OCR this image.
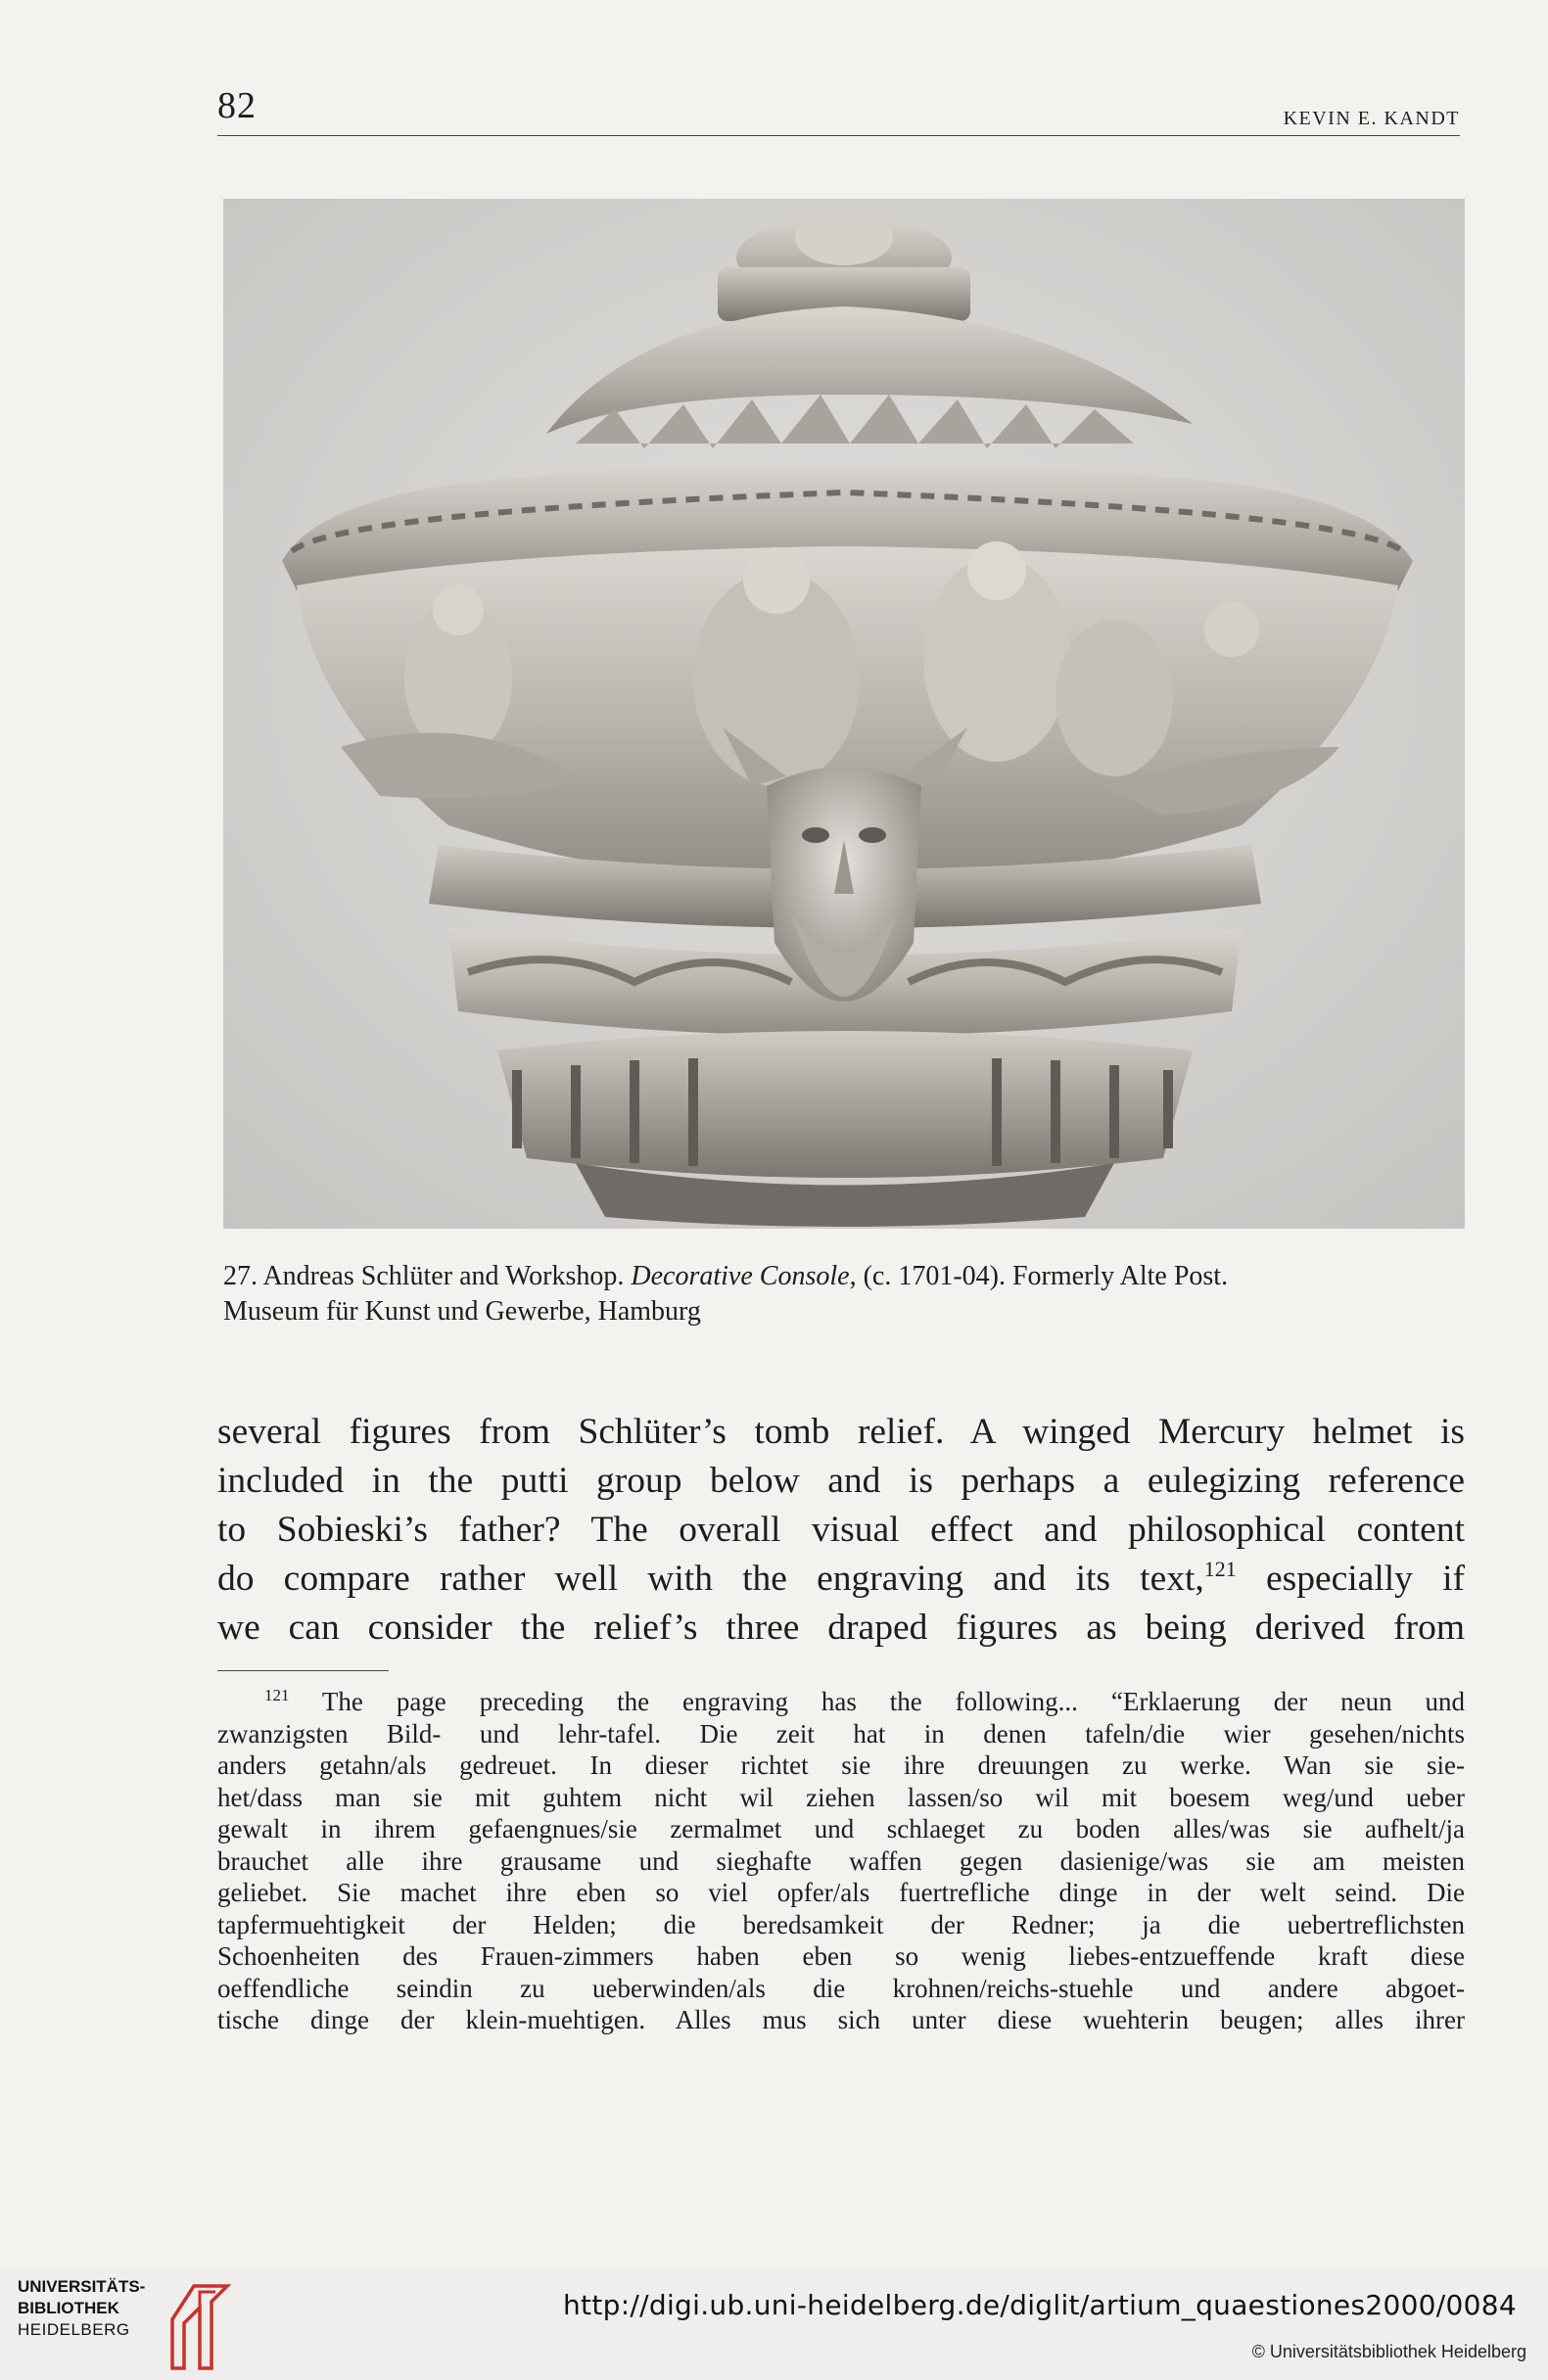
82	KEVIN E. KANDT

27. Andreas Schlüter and Workshop. Decorative Console, (c. 1701-04). Formerly Alte Post.

Museum für Kunst und Gewerbe, Hamburg

several figures from Schlüter’s tomb relief. A winged Mercury helmet is
included in the putti group below and is perhaps a eulegizing reference
to Sobieski’s father? The overall visual effect and philosophical content
do compare rather well with the engraving and its text,$^{121}$ especially if
we can consider the relief’s three draped figures as being derived from
$^{121}$ The page preceding the engraving has the following... “Erklaerung der neun und
zwanzigsten Bild- und lehr-tafel. Die zeit hat in denen tafeln/die wier gesehen/nichts
anders getahn/als gedreuet. In dieser richtet sie ihre dreuungen zu werke. Wan sie sie-
het/dass man sie mit guhtem nicht wil ziehen lassen/so wil mit boesem weg/und ueber
gewalt in ihrem gefaengnues/sie zermalmet und schlaeget zu boden alles/was sie aufhelt/ja
brauchet alle ihre grausame und sieghafte waffen gegen dasienige/was sie am meisten
geliebet. Sie machet ihre eben so viel opfer/als fuertrefliche dinge in der welt seind. Die
tapfermuehtigkeit der Helden; die beredsamkeit der Redner; ja die uebertreflichsten
Schoenheiten des Frauen-zimmers haben eben so wenig liebes-entzueffende kraft diese
oeffendliche seindin zu ueberwinden/als die krohnen/reichs-stuehle und andere abgoet-
tische dinge der klein-muehtigen. Alles mus sich unter diese wuehterin beugen; alles ihrer
UNIVERSITÄTS-
BIBLIOTHEK
HEIDELBERG
http://digi.ub.uni-heidelberg.de/diglit/artium_quaestiones2000/0084
© Universitätsbibliothek Heidelberg
